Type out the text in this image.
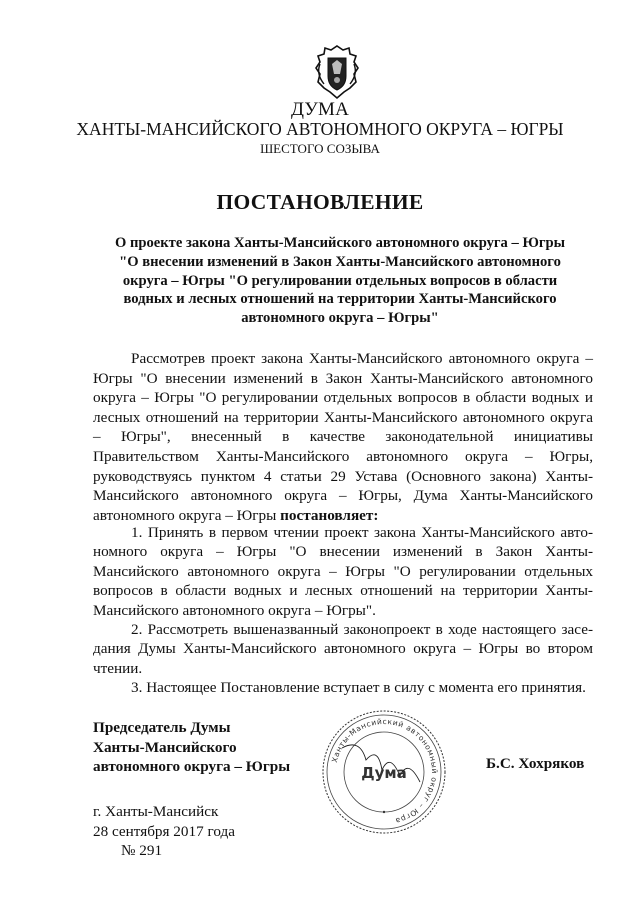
ДУМА
ХАНТЫ-МАНСИЙСКОГО АВТОНОМНОГО ОКРУГА – ЮГРЫ
ШЕСТОГО СОЗЫВА
ПОСТАНОВЛЕНИЕ
О проекте закона Ханты-Мансийского автономного округа – Югры
"О внесении изменений в Закон Ханты-Мансийского автономного
округа – Югры "О регулировании отдельных вопросов в области
водных и лесных отношений на территории Ханты-Мансийского
автономного округа – Югры"
Рассмотрев проект закона Ханты-Мансийского автономного округа – Югры "О внесении изменений в Закон Ханты-Мансийского автономного округа – Югры "О регулировании отдельных вопросов в области водных и лесных отношений на территории Ханты-Мансийского автономного округа – Югры", внесенный в качестве законодательной инициативы Правительством Ханты-Мансийского автономного округа – Югры, руководствуясь пунктом 4 статьи 29 Устава (Основного закона) Ханты-Мансийского автономного округа – Югры, Дума Ханты-Мансийского автономного округа – Югры постановляет:

1. Принять в первом чтении проект закона Ханты-Мансийского автономного округа – Югры "О внесении изменений в Закон Ханты-Мансийского автономного округа – Югры "О регулировании отдельных вопросов в области водных и лесных отношений на территории Ханты-Мансийского автономного округа – Югры".

2. Рассмотреть вышеназванный законопроект в ходе настоящего заседания Думы Ханты-Мансийского автономного округа – Югры во втором чтении.

3. Настоящее Постановление вступает в силу с момента его принятия.

Председатель Думы
Ханты-Мансийского
автономного округа – Югры	Ханты-Мансийский автономный округ – Югра
Дума
Б.С. Хохряков
г. Ханты-Мансийск
28 сентября 2017 года
№ 291
